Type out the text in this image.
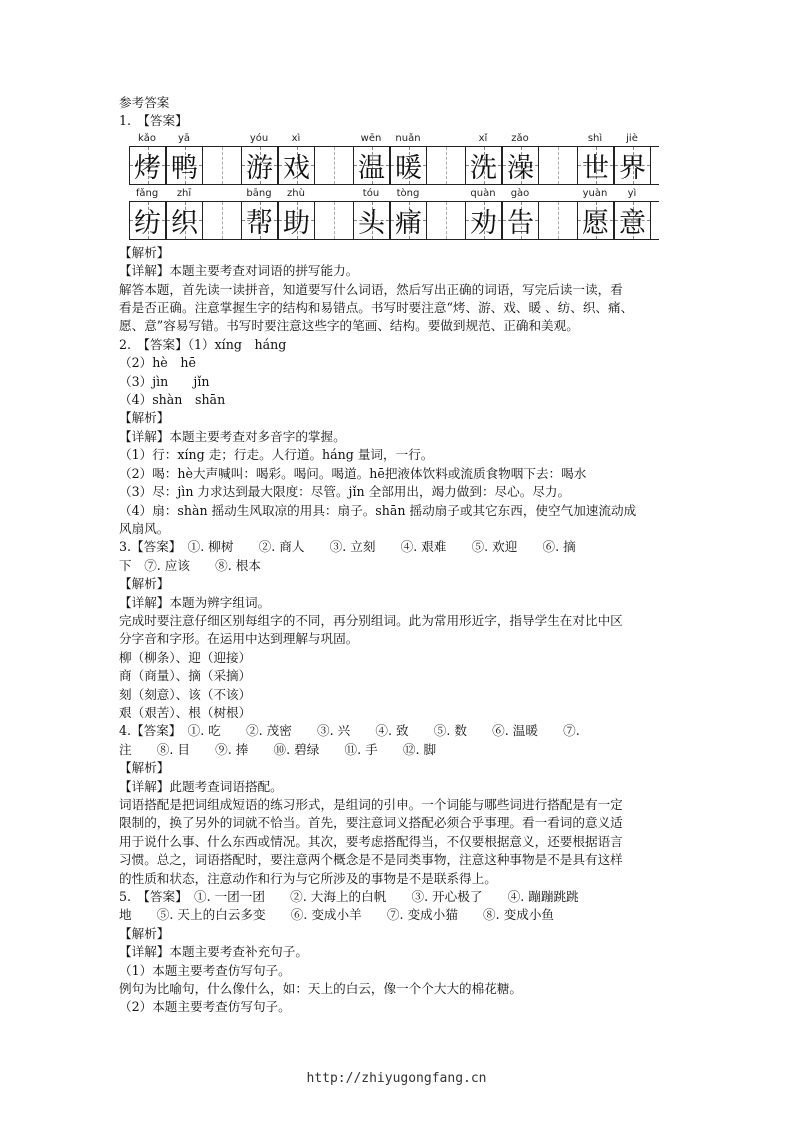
参考答案
1.　【答案】
kǎo	yā	yóu	xì	wēn	nuǎn	xǐ	zǎo	shì	jiè
烤 鸭 游 戏 温 暖 洗 澡 世 界
fǎng	zhī	bāng	zhù	tóu	tòng	quàn	gào	yuàn	yì
纺 织 帮 助 头 痛 劝 告 愿 意
【解析】
【详解】本题主要考查对词语的拼写能力。
解答本题，首先读一读拼音，知道要写什么词语，然后写出正确的词语，写完后读一读，看
看是否正确。注意掌握生字的结构和易错点。书写时要注意“烤、游、戏、暖 、纺、织、痛、
愿、意”容易写错。书写时要注意这些字的笔画、结构。要做到规范、正确和美观。
2.　【答案】（1）xíng　háng
（2）hè　hē
（3）jìn　　jǐn
（4）shàn　shān
【解析】
【详解】本题主要考查对多音字的掌握。
（1）行：xíng 走；行走。人行道。háng 量词，一行。
（2）喝：hè大声喊叫：喝彩。喝问。喝道。hē把液体饮料或流质食物咽下去：喝水
（3）尽：jìn 力求达到最大限度：尽管。jǐn 全部用出，竭力做到：尽心。尽力。
（4）扇：shàn 摇动生风取凉的用具：扇子。shān 摇动扇子或其它东西，使空气加速流动成
风扇风。
3.【答案】　①. 柳树　　②. 商人　　③. 立刻　　④. 艰难　　⑤. 欢迎　　⑥. 摘
下　⑦. 应该　　⑧. 根本
【解析】
【详解】本题为辨字组词。
完成时要注意仔细区别每组字的不同，再分别组词。此为常用形近字，指导学生在对比中区
分字音和字形。在运用中达到理解与巩固。
柳（柳条）、迎（迎接）
商（商量）、摘（采摘）
刻（刻意）、该（不该）
艰（艰苦）、根（树根）
4.【答案】　①. 吃　　②. 茂密　　③. 兴　　④. 致　　⑤. 数　　⑥. 温暖　　⑦.
注　　⑧. 目　　⑨. 捧　　⑩. 碧绿　　⑪. 手　　⑫. 脚
【解析】
【详解】此题考查词语搭配。
词语搭配是把词组成短语的练习形式，是组词的引申。一个词能与哪些词进行搭配是有一定
限制的，换了另外的词就不恰当。首先，要注意词义搭配必须合乎事理。看一看词的意义适
用于说什么事、什么东西或情况。其次，要考虑搭配得当，不仅要根据意义，还要根据语言
习惯。总之，词语搭配时，要注意两个概念是不是同类事物，注意这种事物是不是具有这样
的性质和状态，注意动作和行为与它所涉及的事物是不是联系得上。
5.　【答案】　①. 一团一团　　②. 大海上的白帆　　③. 开心极了　　④. 蹦蹦跳跳
地　　⑤. 天上的白云多变　　⑥. 变成小羊　　⑦. 变成小猫　　⑧. 变成小鱼
【解析】
【详解】本题主要考查补充句子。
（1）本题主要考查仿写句子。
例句为比喻句，什么像什么，如：天上的白云，像一个个大大的棉花糖。
（2）本题主要考查仿写句子。
http://zhiyugongfang.cn
